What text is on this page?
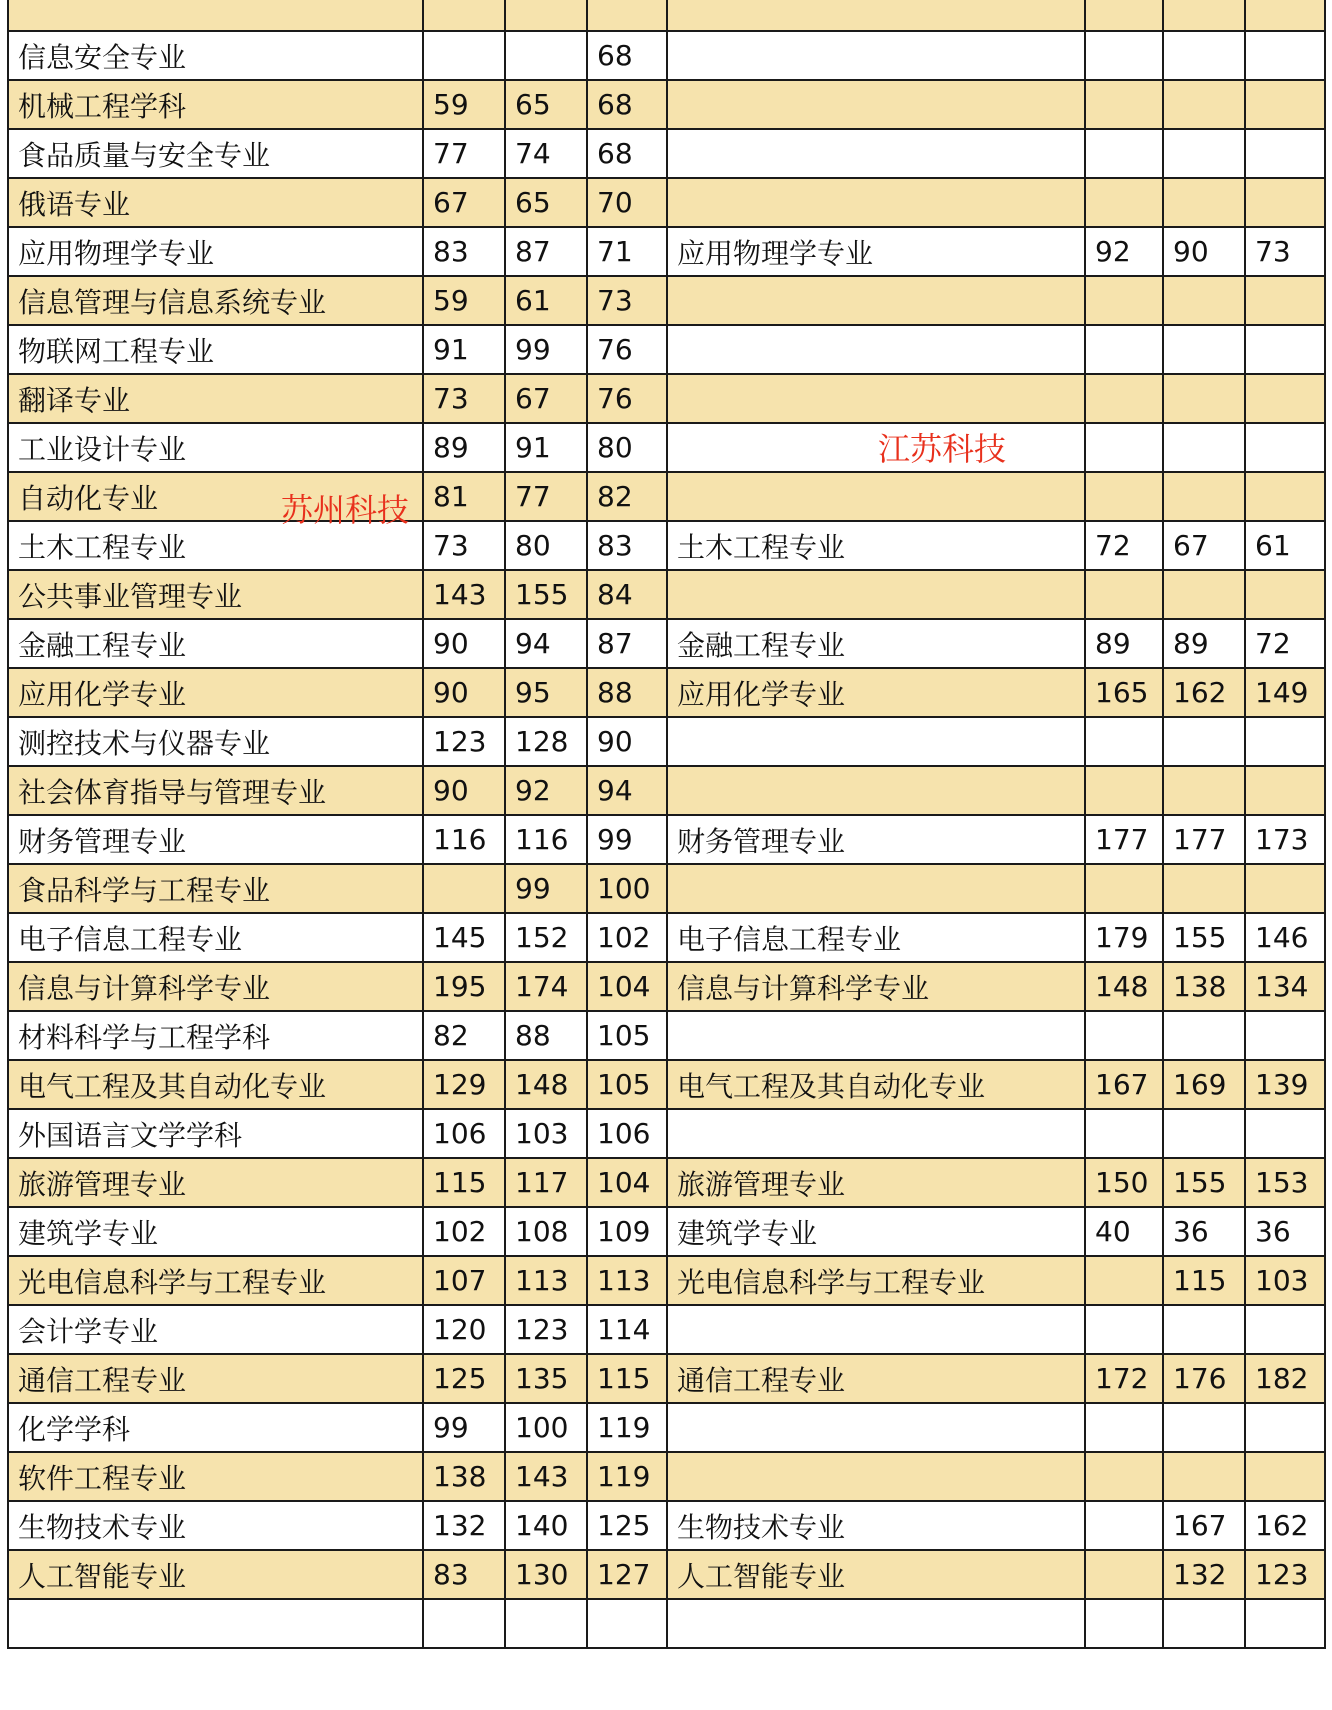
信息安全专业			68				
机械工程学科	59	65	68				
食品质量与安全专业	77	74	68				
俄语专业	67	65	70				
应用物理学专业	83	87	71	应用物理学专业	92	90	73
信息管理与信息系统专业	59	61	73				
物联网工程专业	91	99	76				
翻译专业	73	67	76				
工业设计专业	89	91	80				
自动化专业	81	77	82				
土木工程专业	73	80	83	土木工程专业	72	67	61
公共事业管理专业	143	155	84				
金融工程专业	90	94	87	金融工程专业	89	89	72
应用化学专业	90	95	88	应用化学专业	165	162	149
测控技术与仪器专业	123	128	90				
社会体育指导与管理专业	90	92	94				
财务管理专业	116	116	99	财务管理专业	177	177	173
食品科学与工程专业		99	100				
电子信息工程专业	145	152	102	电子信息工程专业	179	155	146
信息与计算科学专业	195	174	104	信息与计算科学专业	148	138	134
材料科学与工程学科	82	88	105				
电气工程及其自动化专业	129	148	105	电气工程及其自动化专业	167	169	139
外国语言文学学科	106	103	106				
旅游管理专业	115	117	104	旅游管理专业	150	155	153
建筑学专业	102	108	109	建筑学专业	40	36	36
光电信息科学与工程专业	107	113	113	光电信息科学与工程专业		115	103
会计学专业	120	123	114				
通信工程专业	125	135	115	通信工程专业	172	176	182
化学学科	99	100	119				
软件工程专业	138	143	119				
生物技术专业	132	140	125	生物技术专业		167	162
人工智能专业	83	130	127	人工智能专业		132	123

苏州科技
江苏科技
